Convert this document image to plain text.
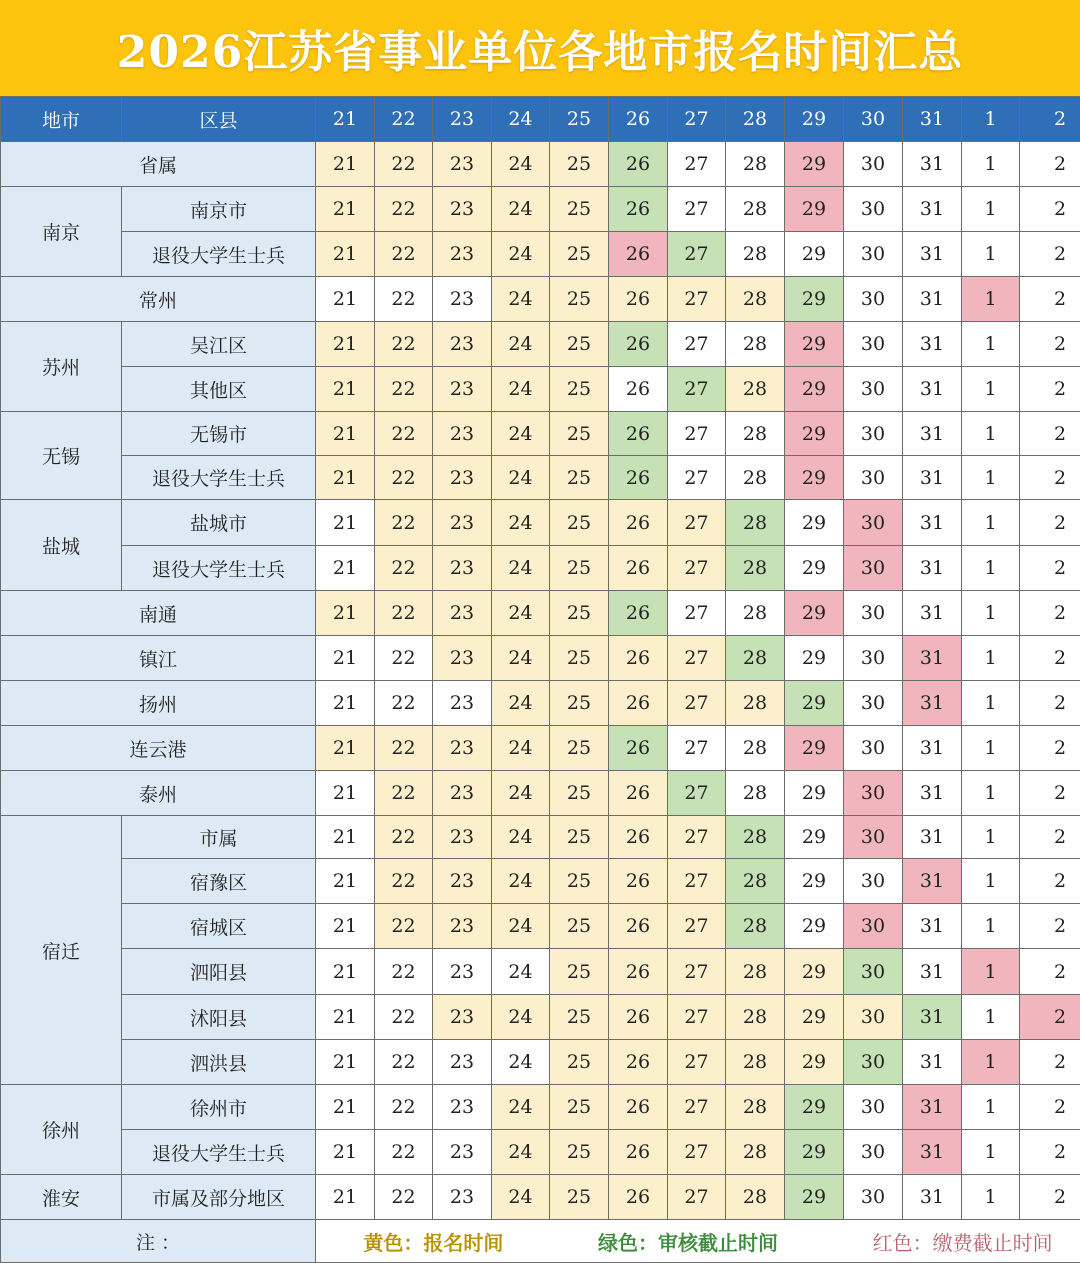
2026江苏省事业单位各地市报名时间汇总
地市	区县	21	22	23	24	25	26	27	28	29	30	31	1	2
省属		21	22	23	24	25	26	27	28	29	30	31	1	2
南京	南京市	21	22	23	24	25	26	27	28	29	30	31	1	2
	退役大学生士兵	21	22	23	24	25	26	27	28	29	30	31	1	2
常州		21	22	23	24	25	26	27	28	29	30	31	1	2
苏州	吴江区	21	22	23	24	25	26	27	28	29	30	31	1	2
	其他区	21	22	23	24	25	26	27	28	29	30	31	1	2
无锡	无锡市	21	22	23	24	25	26	27	28	29	30	31	1	2
	退役大学生士兵	21	22	23	24	25	26	27	28	29	30	31	1	2
盐城	盐城市	21	22	23	24	25	26	27	28	29	30	31	1	2
	退役大学生士兵	21	22	23	24	25	26	27	28	29	30	31	1	2
南通		21	22	23	24	25	26	27	28	29	30	31	1	2
镇江		21	22	23	24	25	26	27	28	29	30	31	1	2
扬州		21	22	23	24	25	26	27	28	29	30	31	1	2
连云港		21	22	23	24	25	26	27	28	29	30	31	1	2
泰州		21	22	23	24	25	26	27	28	29	30	31	1	2
宿迁	市属	21	22	23	24	25	26	27	28	29	30	31	1	2
	宿豫区	21	22	23	24	25	26	27	28	29	30	31	1	2
	宿城区	21	22	23	24	25	26	27	28	29	30	31	1	2
	泗阳县	21	22	23	24	25	26	27	28	29	30	31	1	2
	沭阳县	21	22	23	24	25	26	27	28	29	30	31	1	2
	泗洪县	21	22	23	24	25	26	27	28	29	30	31	1	2
徐州	徐州市	21	22	23	24	25	26	27	28	29	30	31	1	2
	退役大学生士兵	21	22	23	24	25	26	27	28	29	30	31	1	2
淮安	市属及部分地区	21	22	23	24	25	26	27	28	29	30	31	1	2
注 ：		黄色：报名时间 绿色：审核截止时间 红色：缴费截止时间												
